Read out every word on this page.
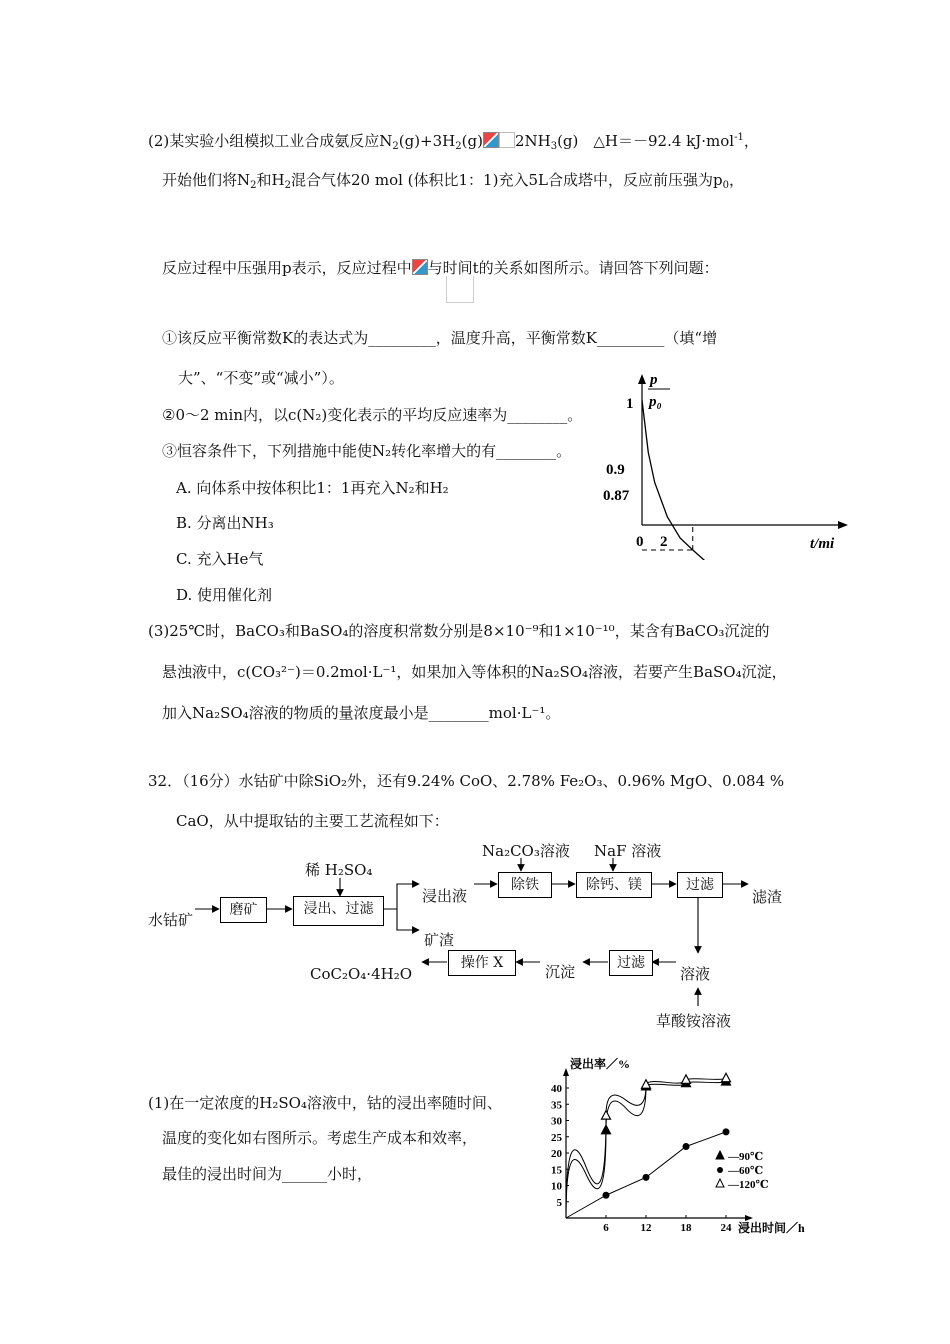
(2)某实验小组模拟工业合成氨反应$N_2(g)+3H_2(g)$ $2NH_3(g)$　△H＝－92.4 kJ·mol$^{-1}$，
开始他们将$N_2$和$H_2$混合气体20 mol (体积比1：1)充入5L合成塔中，反应前压强为$p_0$，
反应过程中压强用p表示，反应过程中 与时间t的关系如图所示。请回答下列问题：
①该反应平衡常数K的表达式为_________，温度升高，平衡常数K_________（填“增
大”、“不变”或“减小”）。
②0～2 min内，以c(N₂)变化表示的平均反应速率为________。
③恒容条件下，下列措施中能使N₂转化率增大的有________。
A. 向体系中按体积比1：1再充入N₂和H₂
B. 分离出NH₃
C. 充入He气
D. 使用催化剂
p
p₀
1
0.9
0.87
0 2	t/mi
(3)25℃时，BaCO₃和BaSO₄的溶度积常数分别是8×10⁻⁹和1×10⁻¹⁰，某含有BaCO₃沉淀的
悬浊液中，c(CO₃²⁻)＝0.2mol·L⁻¹，如果加入等体积的Na₂SO₄溶液，若要产生BaSO₄沉淀，
加入Na₂SO₄溶液的物质的量浓度最小是________mol·L⁻¹。
32．（16分）水钴矿中除SiO₂外，还有9.24% CoO、2.78% Fe₂O₃、0.96% MgO、0.084 %
CaO，从中提取钴的主要工艺流程如下：
水钴矿
磨矿
稀 H₂SO₄
浸出、过滤
浸出液
矿渣
Na₂CO₃溶液 NaF 溶液
除铁	除钙、镁	过滤
滤渣
溶液
草酸铵溶液
过滤
沉淀
操作 X
CoC₂O₄·4H₂O
(1)在一定浓度的H₂SO₄溶液中，钴的浸出率随时间、
温度的变化如右图所示。考虑生产成本和效率，
最佳的浸出时间为______小时，
5
10
15
20
25
30
35
40
6	12	18	24
浸出率／%
浸出时间／h
—90℃
—60℃
—120℃
